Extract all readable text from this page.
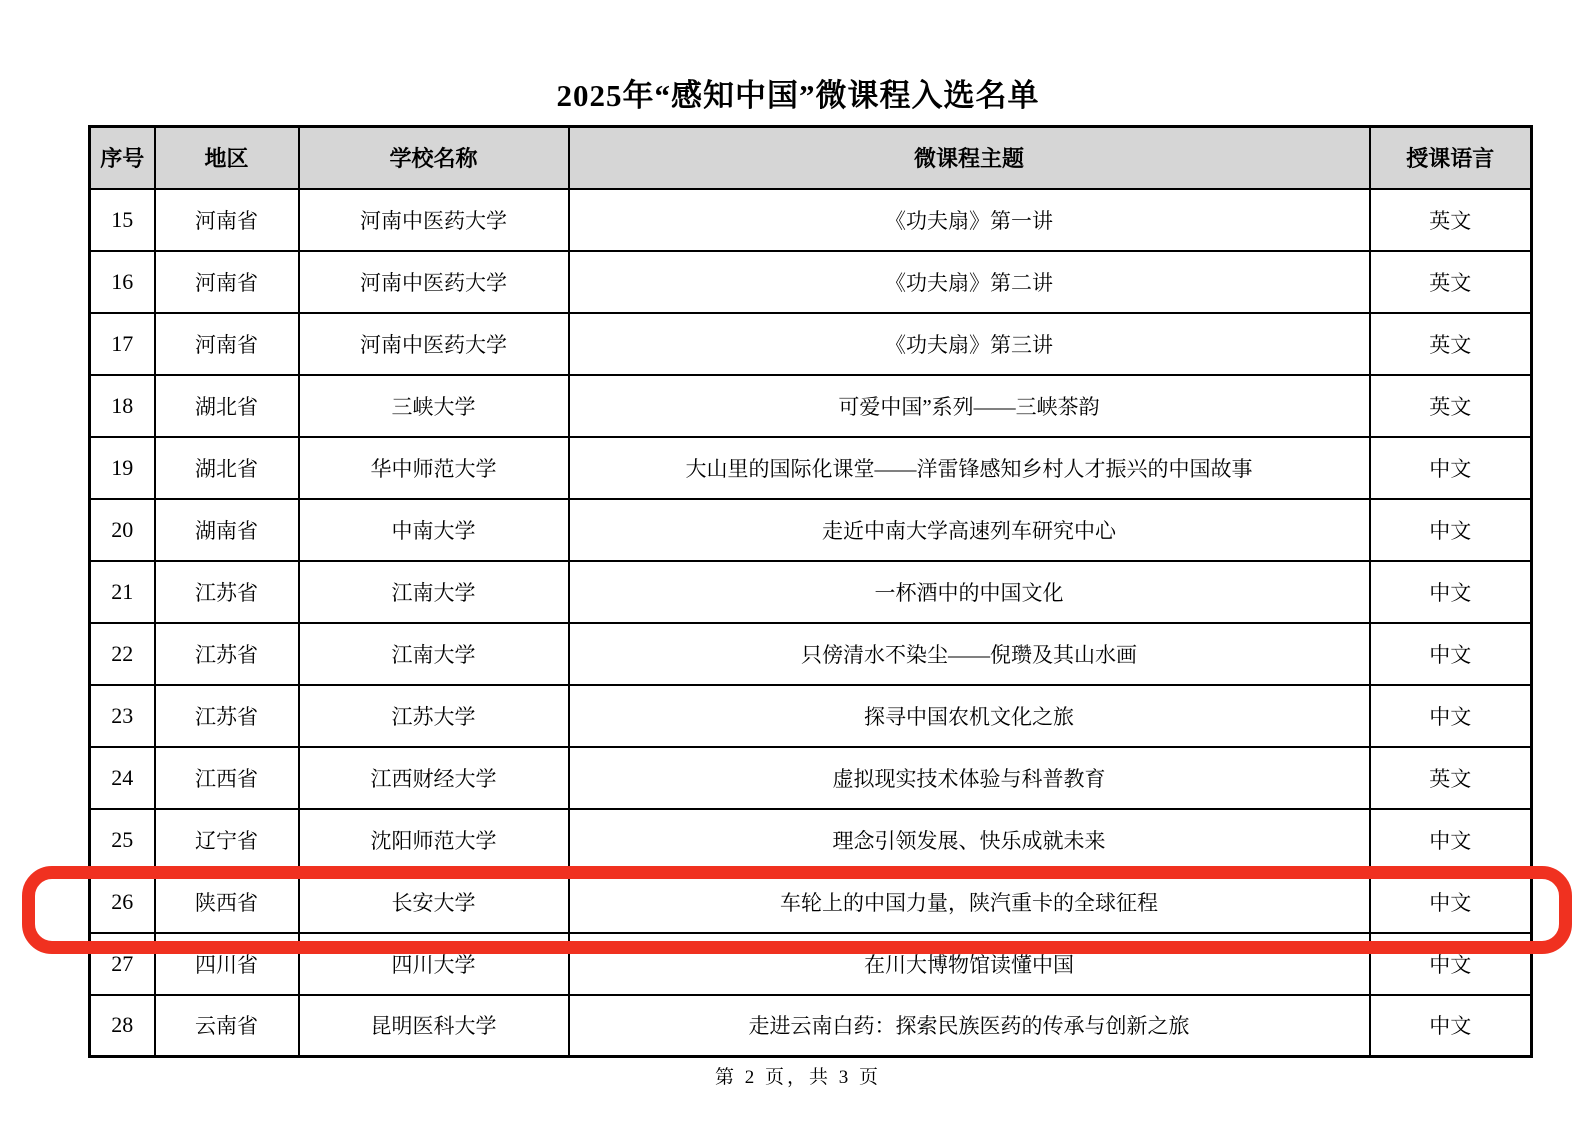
2025年“感知中国”微课程入选名单
序号	地区	学校名称	微课程主题	授课语言
15	河南省	河南中医药大学	《功夫扇》第一讲	英文
16	河南省	河南中医药大学	《功夫扇》第二讲	英文
17	河南省	河南中医药大学	《功夫扇》第三讲	英文
18	湖北省	三峡大学	可爱中国”系列——三峡茶韵	英文
19	湖北省	华中师范大学	大山里的国际化课堂——洋雷锋感知乡村人才振兴的中国故事	中文
20	湖南省	中南大学	走近中南大学高速列车研究中心	中文
21	江苏省	江南大学	一杯酒中的中国文化	中文
22	江苏省	江南大学	只傍清水不染尘——倪瓒及其山水画	中文
23	江苏省	江苏大学	探寻中国农机文化之旅	中文
24	江西省	江西财经大学	虚拟现实技术体验与科普教育	英文
25	辽宁省	沈阳师范大学	理念引领发展、快乐成就未来	中文
26	陕西省	长安大学	车轮上的中国力量，陕汽重卡的全球征程	中文
27	四川省	四川大学	在川大博物馆读懂中国	中文
28	云南省	昆明医科大学	走进云南白药：探索民族医药的传承与创新之旅	中文
第 2 页，共 3 页
